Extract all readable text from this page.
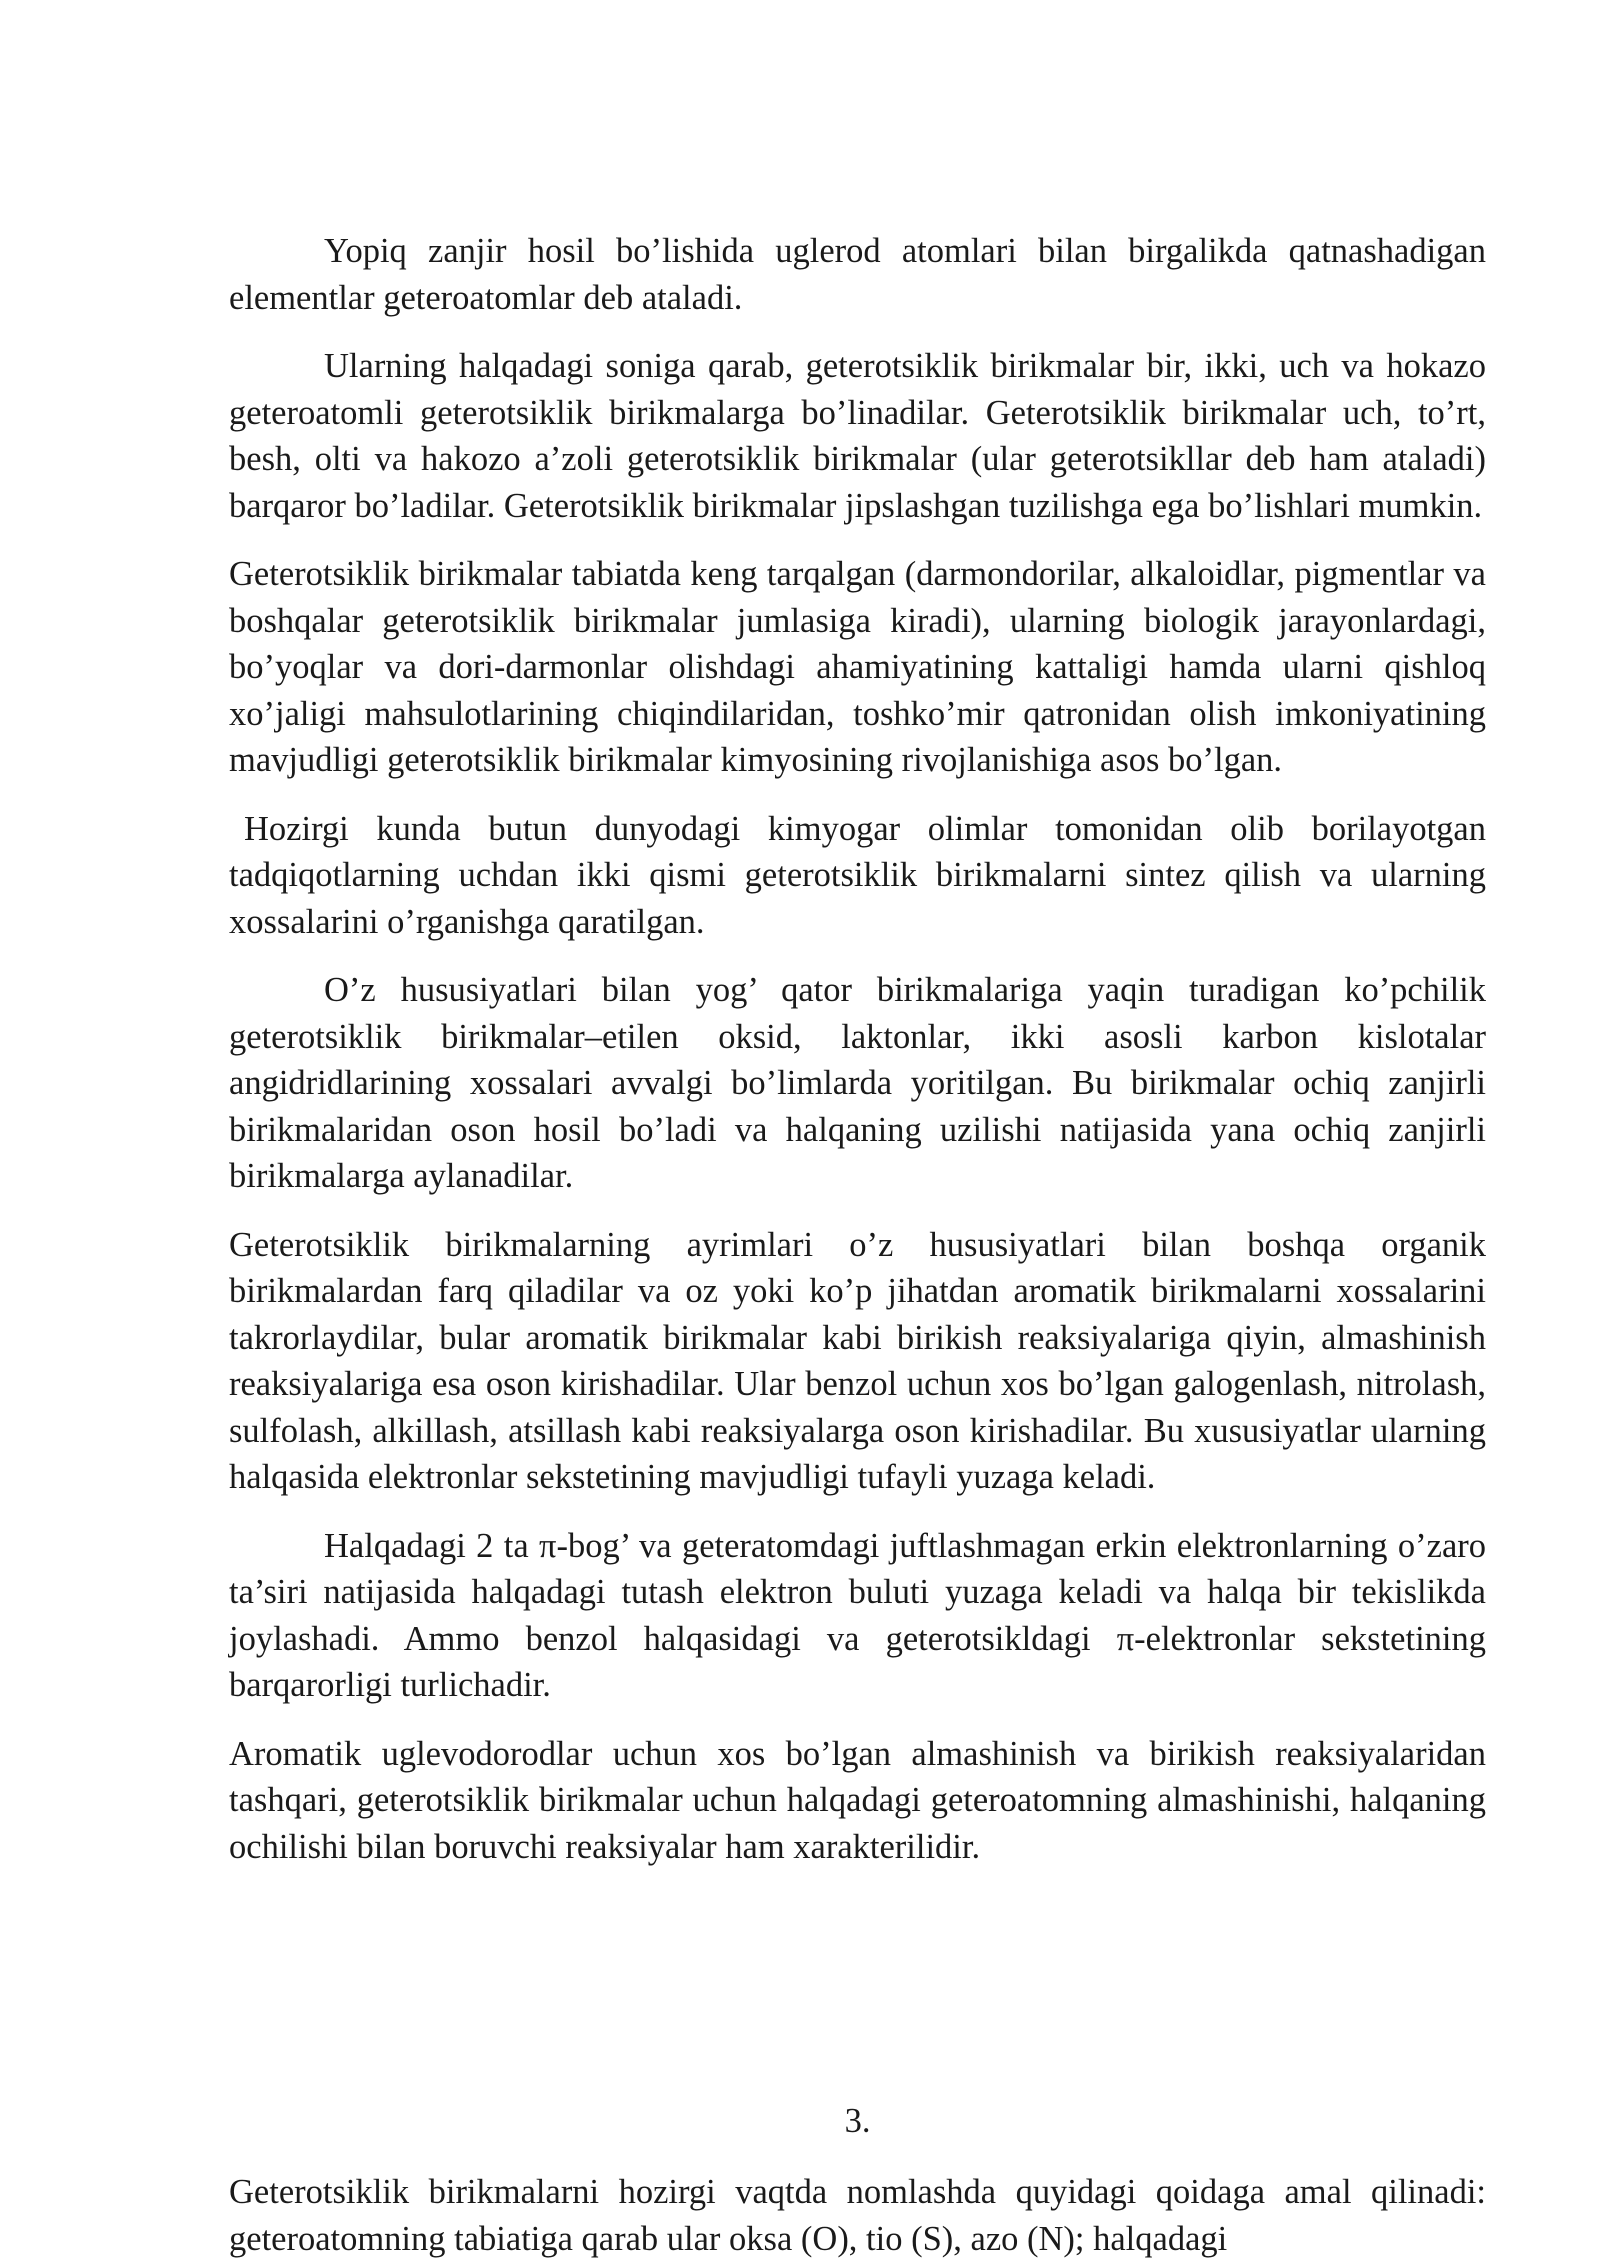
Yopiq zanjir hosil bo’lishida uglerod atomlari bilan birgalikda qatnashadigan elementlar geteroatomlar deb ataladi.

Ularning halqadagi soniga qarab, geterotsiklik birikmalar bir, ikki, uch va hokazo geteroatomli geterotsiklik birikmalarga bo’linadilar. Geterotsiklik birikmalar uch, to’rt, besh, olti va hakozo a’zoli geterotsiklik birikmalar (ular geterotsikllar deb ham ataladi) barqaror bo’ladilar. Geterotsiklik birikmalar jipslashgan tuzilishga ega bo’lishlari mumkin.

Geterotsiklik birikmalar tabiatda keng tarqalgan (darmondorilar, alkaloidlar, pigmentlar va boshqalar geterotsiklik birikmalar jumlasiga kiradi), ularning biologik jarayonlardagi, bo’yoqlar va dori-darmonlar olishdagi ahamiyatining kattaligi hamda ularni qishloq xo’jaligi mahsulotlarining chiqindilaridan, toshko’mir qatronidan olish imkoniyatining mavjudligi geterotsiklik birikmalar kimyosining rivojlanishiga asos bo’lgan.

Hozirgi kunda butun dunyodagi kimyogar olimlar tomonidan olib borilayotgan tadqiqotlarning uchdan ikki qismi geterotsiklik birikmalarni sintez qilish va ularning xossalarini o’rganishga qaratilgan.

O’z hususiyatlari bilan yog’ qator birikmalariga yaqin turadigan ko’pchilik geterotsiklik birikmalar–etilen oksid, laktonlar, ikki asosli karbon kislotalar angidridlarining xossalari avvalgi bo’limlarda yoritilgan. Bu birikmalar ochiq zanjirli birikmalaridan oson hosil bo’ladi va halqaning uzilishi natijasida yana ochiq zanjirli birikmalarga aylanadilar.

Geterotsiklik birikmalarning ayrimlari o’z hususiyatlari bilan boshqa organik birikmalardan farq qiladilar va oz yoki ko’p jihatdan aromatik birikmalarni xossalarini takrorlaydilar, bular aromatik birikmalar kabi birikish reaksiyalariga qiyin, almashinish reaksiyalariga esa oson kirishadilar. Ular benzol uchun xos bo’lgan galogenlash, nitrolash, sulfolash, alkillash, atsillash kabi reaksiyalarga oson kirishadilar. Bu xususiyatlar ularning halqasida elektronlar sekstetining mavjudligi tufayli yuzaga keladi.

Halqadagi 2 ta π-bog’ va geteratomdagi juftlashmagan erkin elektronlarning o’zaro ta’siri natijasida halqadagi tutash elektron buluti yuzaga keladi va halqa bir tekislikda joylashadi. Ammo benzol halqasidagi va geterotsikldagi π-elektronlar sekstetining barqarorligi turlichadir.

Aromatik uglevodorodlar uchun xos bo’lgan almashinish va birikish reaksiyalaridan tashqari, geterotsiklik birikmalar uchun halqadagi geteroatomning almashinishi, halqaning ochilishi bilan boruvchi reaksiyalar ham xarakterilidir.

3.

Geterotsiklik birikmalarni hozirgi vaqtda nomlashda quyidagi qoidaga amal qilinadi: geteroatomning tabiatiga qarab ular oksa (O), tio (S), azo (N); halqadagi
